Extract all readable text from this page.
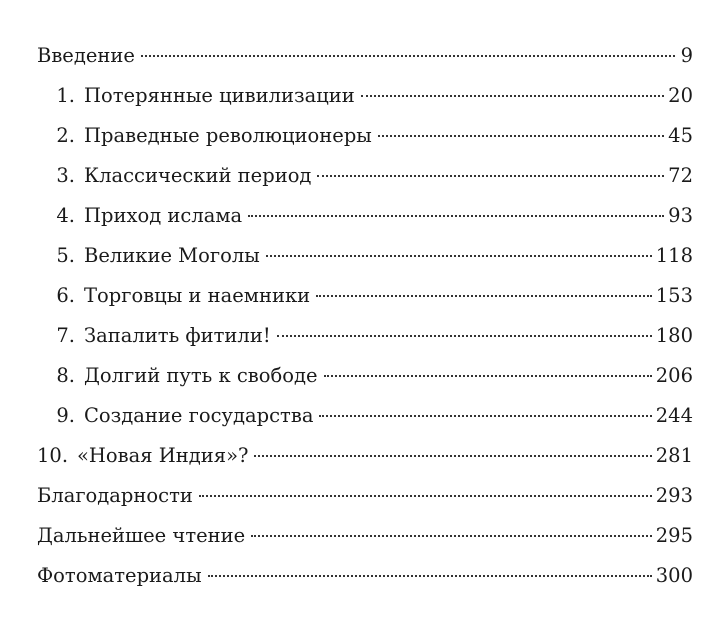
Введение	9
1. Потерянные цивилизации	20
2. Праведные революционеры	45
3. Классический период	72
4. Приход ислама	93
5. Великие Моголы	118
6. Торговцы и наемники	153
7. Запалить фитили!	180
8. Долгий путь к свободе	206
9. Создание государства	244
10. «Новая Индия»?	281
Благодарности	293
Дальнейшее чтение	295
Фотоматериалы	300
